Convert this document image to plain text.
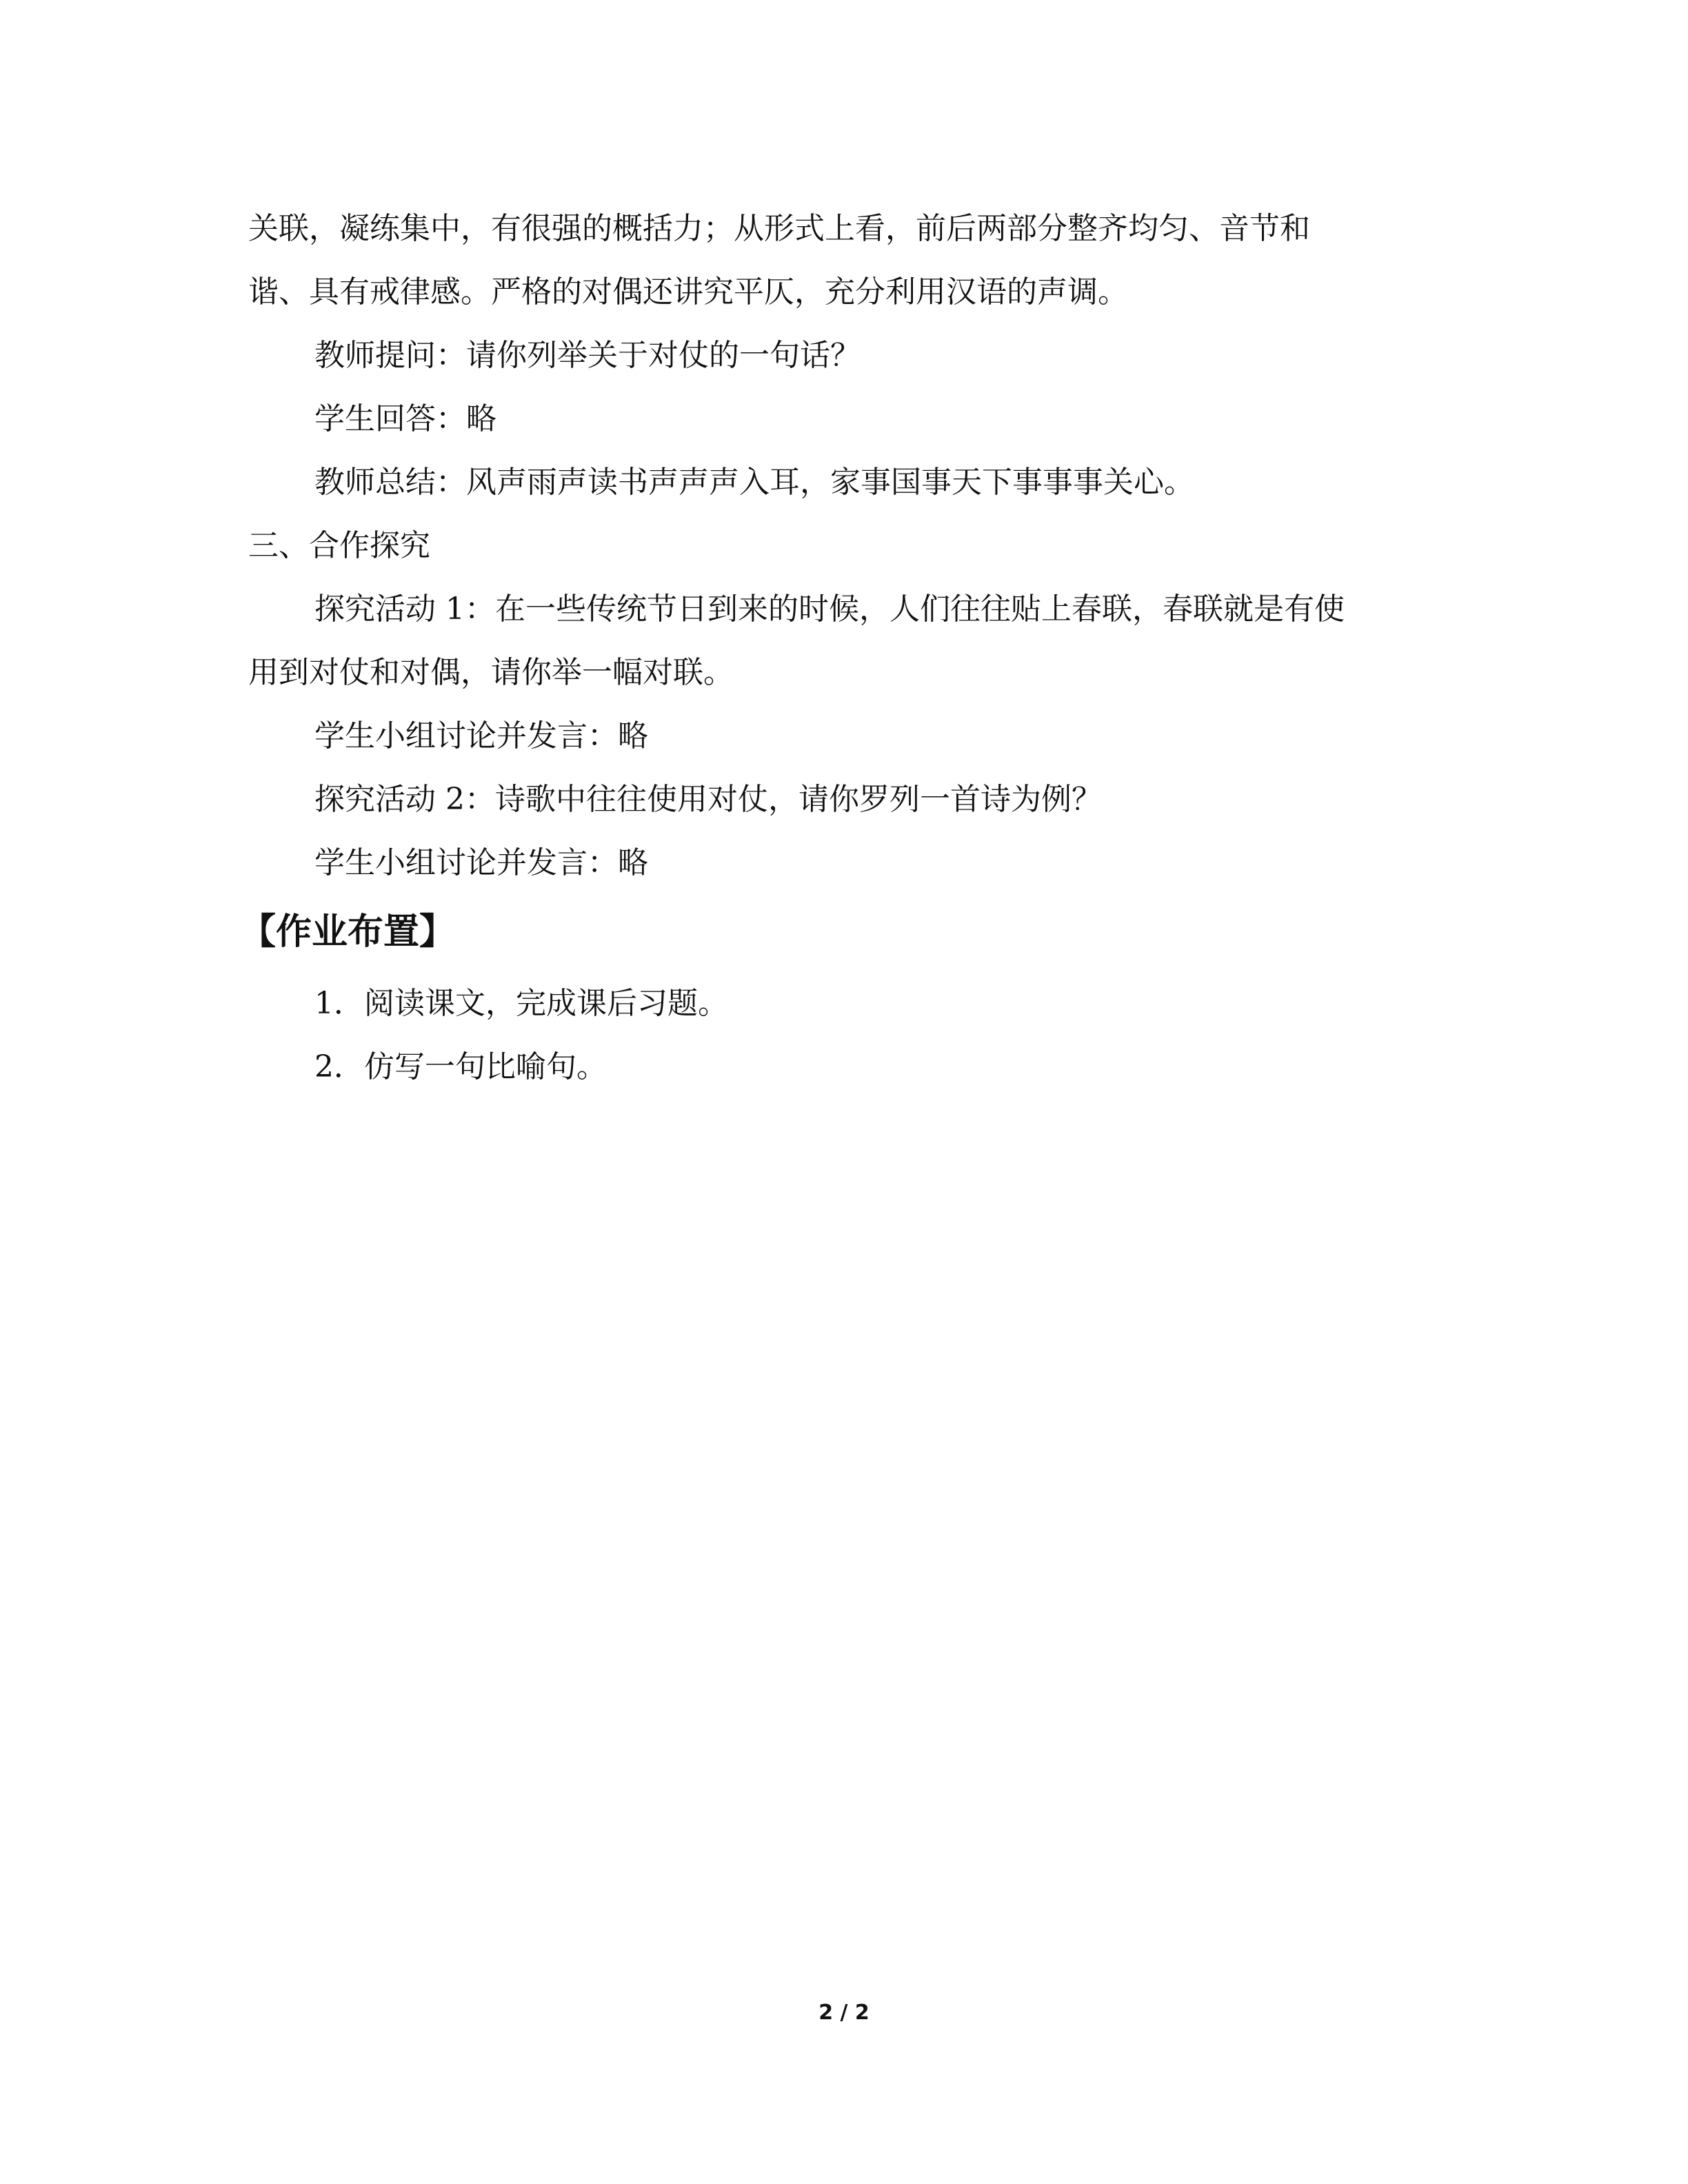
关联，凝练集中，有很强的概括力；从形式上看，前后两部分整齐均匀、音节和
谐、具有戒律感。严格的对偶还讲究平仄，充分利用汉语的声调。
教师提问：请你列举关于对仗的一句话？
学生回答：略
教师总结：风声雨声读书声声声入耳，家事国事天下事事事关心。
三、合作探究
探究活动 1：在一些传统节日到来的时候，人们往往贴上春联，春联就是有使
用到对仗和对偶，请你举一幅对联。
学生小组讨论并发言：略
探究活动 2：诗歌中往往使用对仗，请你罗列一首诗为例？
学生小组讨论并发言：略
【作业布置】
1．阅读课文，完成课后习题。
2．仿写一句比喻句。
2 / 2
